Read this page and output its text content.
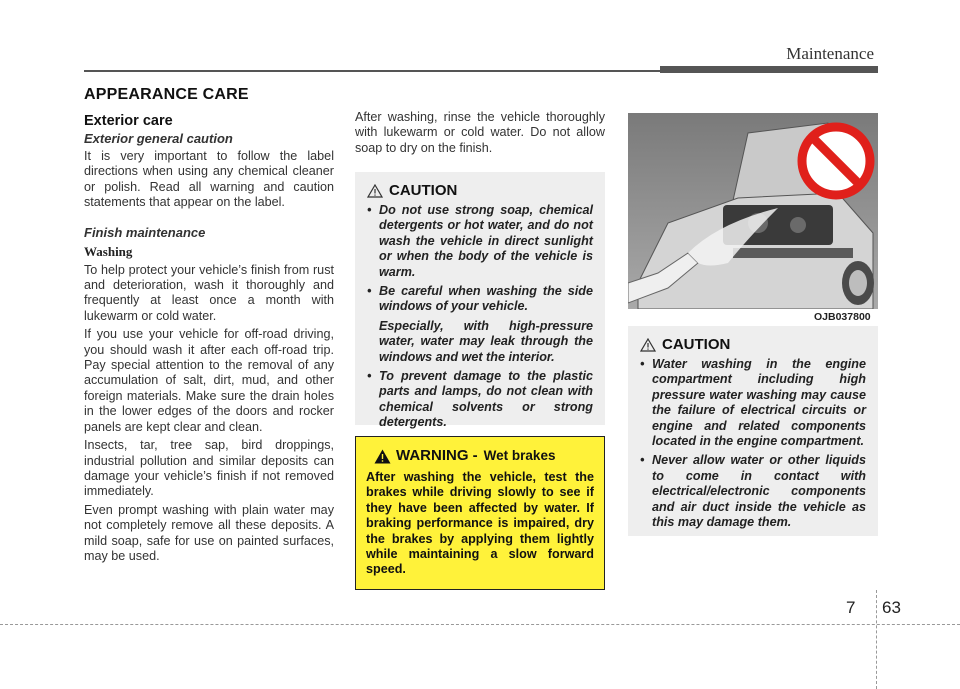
Maintenance
APPEARANCE CARE
Exterior care
Exterior general caution

It is very important to follow the label directions when using any chemical cleaner or polish. Read all warning and caution statements that appear on the label.

Finish maintenance
Washing

To help protect your vehicle’s finish from rust and deterioration, wash it thoroughly and frequently at least once a month with lukewarm or cold water.

If you use your vehicle for off-road driving, you should wash it after each off-road trip. Pay special attention to the removal of any accumulation of salt, dirt, mud, and other foreign materials. Make sure the drain holes in the lower edges of the doors and rocker panels are kept clear and clean.

Insects, tar, tree sap, bird droppings, industrial pollution and similar deposits can damage your vehicle’s finish if not removed immediately.

Even prompt washing with plain water may not completely remove all these deposits. A mild soap, safe for use on painted surfaces, may be used.

After washing, rinse the vehicle thoroughly with lukewarm or cold water. Do not allow soap to dry on the finish.

CAUTION
• Do not use strong soap, chemical detergents or hot water, and do not wash the vehicle in direct sunlight or when the body of the vehicle is warm.
• Be careful when washing the side windows of your vehicle.
Especially, with high-pressure water, water may leak through the windows and wet the interior.
• To prevent damage to the plastic parts and lamps, do not clean with chemical solvents or strong detergents.
WARNING - Wet brakes

After washing the vehicle, test the brakes while driving slowly to see if they have been affected by water. If braking performance is impaired, dry the brakes by applying them lightly while maintaining a slow forward speed.

OJB037800
CAUTION
• Water washing in the engine compartment including high pressure water washing may cause the failure of electrical circuits or engine and related components located in the engine compartment.
• Never allow water or other liquids to come in contact with electrical/electronic components and air duct inside the vehicle as this may damage them.
7 63
